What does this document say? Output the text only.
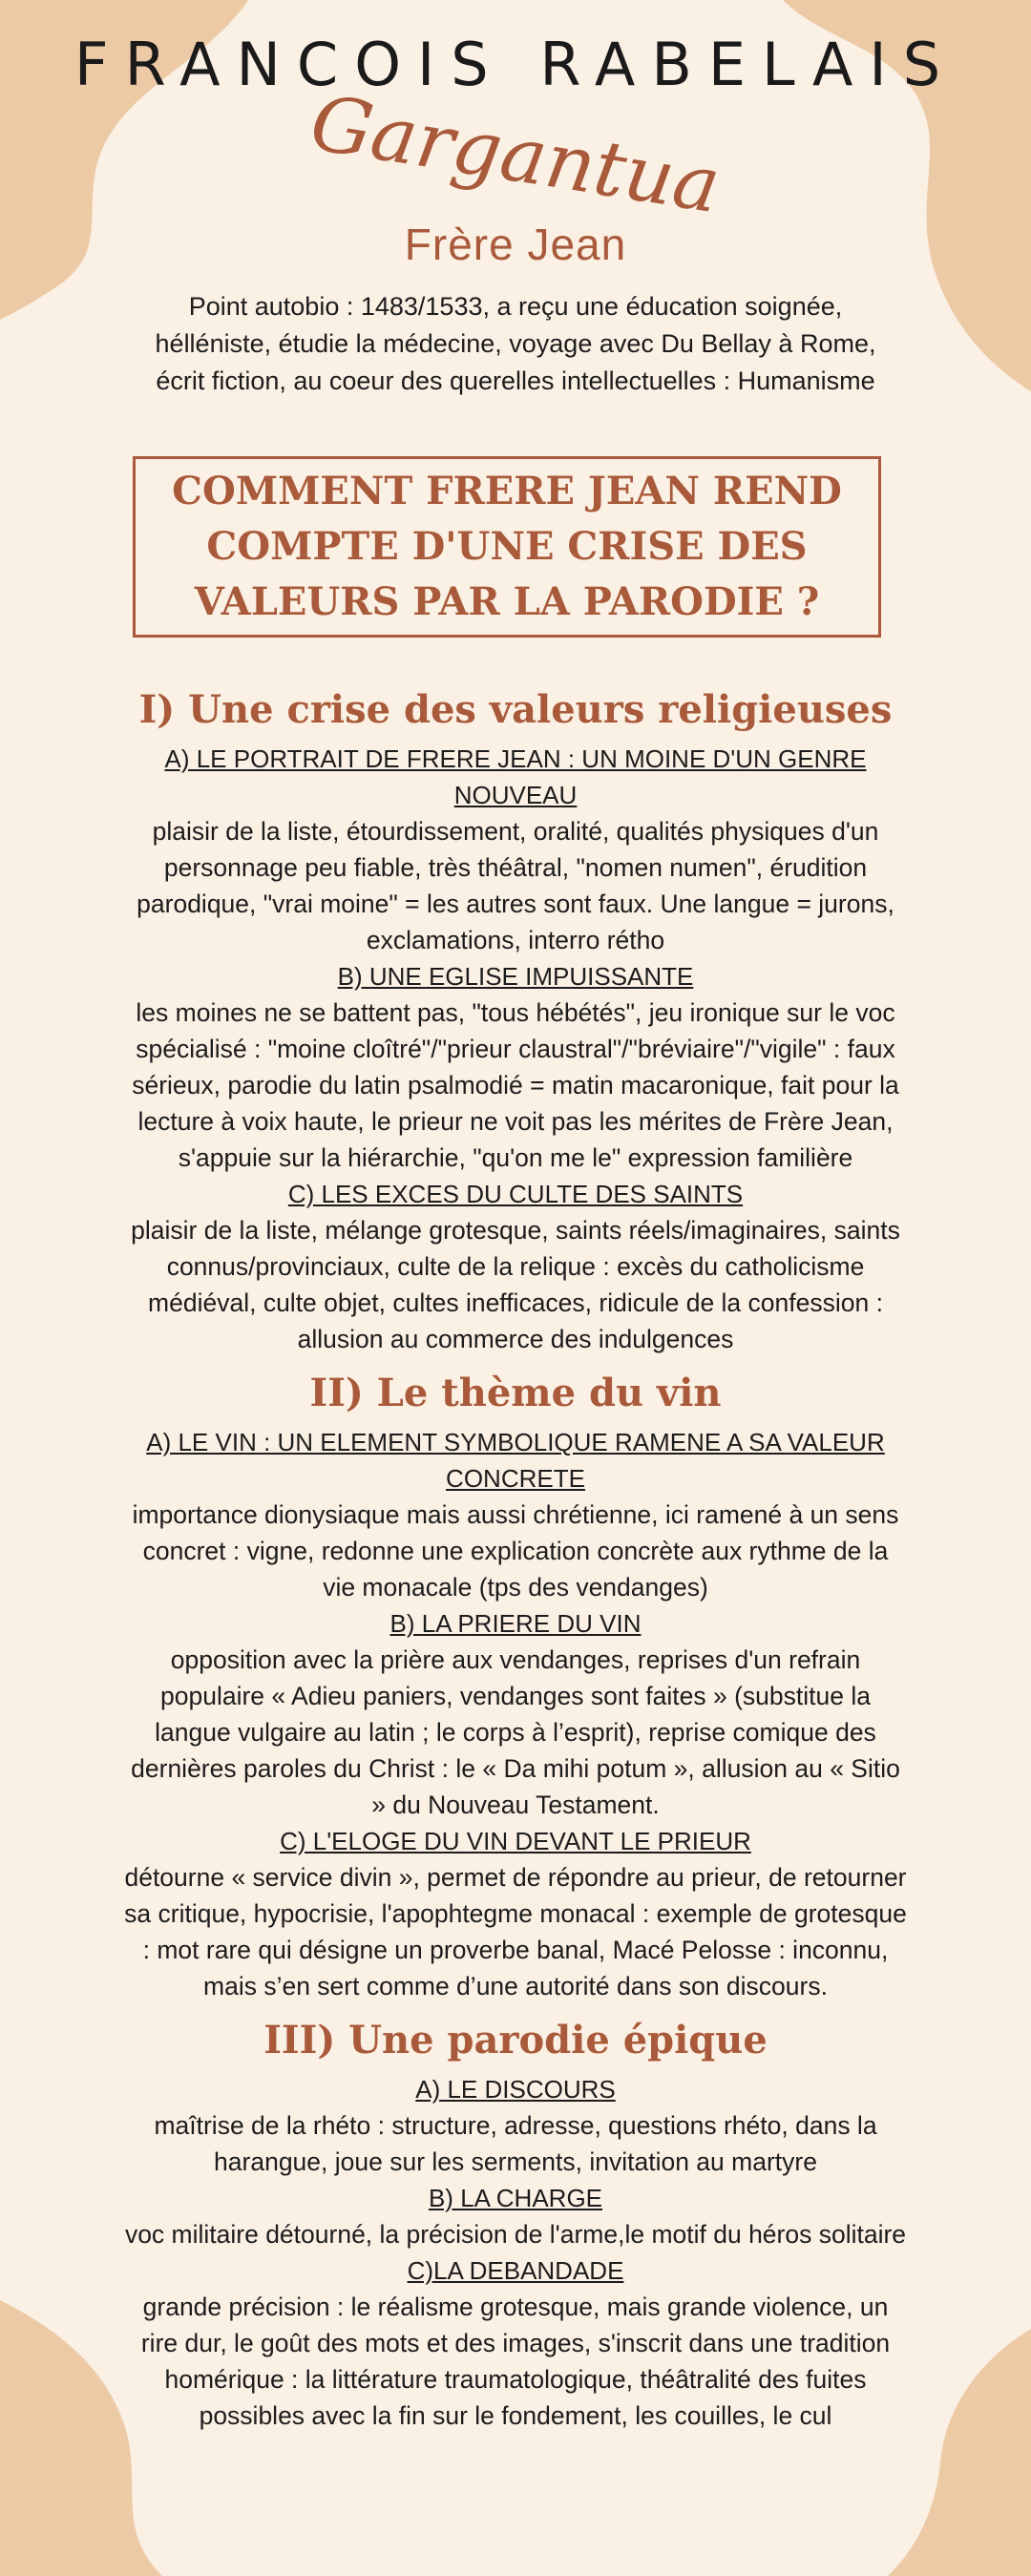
FRANCOIS RABELAIS
Gargantua
Frère Jean
Point autobio : 1483/1533, a reçu une éducation soignée, hélléniste, étudie la médecine, voyage avec Du Bellay à Rome, écrit fiction, au coeur des querelles intellectuelles : Humanisme
COMMENT FRERE JEAN REND COMPTE D'UNE CRISE DES VALEURS PAR LA PARODIE ?
I) Une crise des valeurs religieuses

A) LE PORTRAIT DE FRERE JEAN : UN MOINE D'UN GENRE NOUVEAU

plaisir de la liste, étourdissement, oralité, qualités physiques d'un personnage peu fiable, très théâtral, "nomen numen", érudition parodique, "vrai moine" = les autres sont faux. Une langue = jurons, exclamations, interro rétho

B) UNE EGLISE IMPUISSANTE

les moines ne se battent pas, "tous hébétés", jeu ironique sur le voc spécialisé : "moine cloîtré"/"prieur claustral"/"bréviaire"/"vigile" : faux sérieux, parodie du latin psalmodié = matin macaronique, fait pour la lecture à voix haute, le prieur ne voit pas les mérites de Frère Jean, s'appuie sur la hiérarchie, "qu'on me le" expression familière

C) LES EXCES DU CULTE DES SAINTS

plaisir de la liste, mélange grotesque, saints réels/imaginaires, saints connus/provinciaux, culte de la relique : excès du catholicisme médiéval, culte objet, cultes inefficaces, ridicule de la confession : allusion au commerce des indulgences

II) Le thème du vin

A) LE VIN : UN ELEMENT SYMBOLIQUE RAMENE A SA VALEUR CONCRETE

importance dionysiaque mais aussi chrétienne, ici ramené à un sens concret : vigne, redonne une explication concrète aux rythme de la vie monacale (tps des vendanges)

B) LA PRIERE DU VIN

opposition avec la prière aux vendanges, reprises d'un refrain populaire « Adieu paniers, vendanges sont faites » (substitue la langue vulgaire au latin ; le corps à l’esprit), reprise comique des dernières paroles du Christ : le « Da mihi potum », allusion au « Sitio » du Nouveau Testament.

C) L'ELOGE DU VIN DEVANT LE PRIEUR

détourne « service divin », permet de répondre au prieur, de retourner sa critique, hypocrisie, l'apophtegme monacal : exemple de grotesque : mot rare qui désigne un proverbe banal, Macé Pelosse : inconnu, mais s’en sert comme d’une autorité dans son discours.

III) Une parodie épique

A) LE DISCOURS

maîtrise de la rhéto : structure, adresse, questions rhéto, dans la harangue, joue sur les serments, invitation au martyre

B) LA CHARGE

voc militaire détourné, la précision de l'arme,le motif du héros solitaire

C)LA DEBANDADE

grande précision : le réalisme grotesque, mais grande violence, un rire dur, le goût des mots et des images, s'inscrit dans une tradition homérique : la littérature traumatologique, théâtralité des fuites possibles avec la fin sur le fondement, les couilles, le cul
